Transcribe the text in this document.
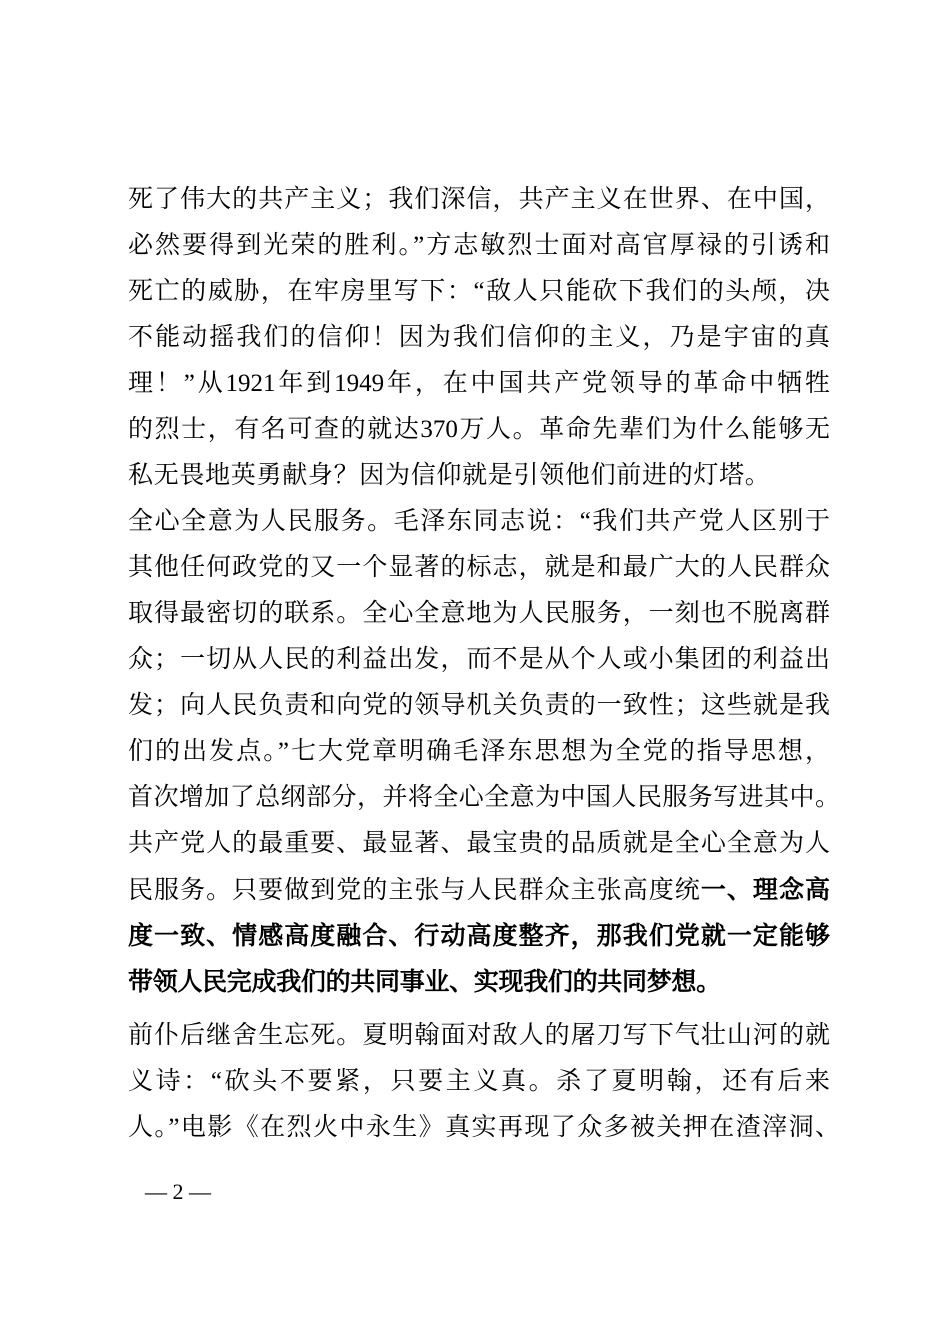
死了伟大的共产主义；我们深信，共产主义在世界、在中国，
必然要得到光荣的胜利。”方志敏烈士面对高官厚禄的引诱和
死亡的威胁，在牢房里写下：“敌人只能砍下我们的头颅，决
不能动摇我们的信仰！因为我们信仰的主义，乃是宇宙的真
理！”从1921年到1949年，在中国共产党领导的革命中牺牲
的烈士，有名可查的就达370万人。革命先辈们为什么能够无
私无畏地英勇献身？因为信仰就是引领他们前进的灯塔。
全心全意为人民服务。毛泽东同志说：“我们共产党人区别于
其他任何政党的又一个显著的标志，就是和最广大的人民群众
取得最密切的联系。全心全意地为人民服务，一刻也不脱离群
众；一切从人民的利益出发，而不是从个人或小集团的利益出
发；向人民负责和向党的领导机关负责的一致性；这些就是我
们的出发点。”七大党章明确毛泽东思想为全党的指导思想，
首次增加了总纲部分，并将全心全意为中国人民服务写进其中。
共产党人的最重要、最显著、最宝贵的品质就是全心全意为人
民服务。只要做到党的主张与人民群众主张高度统一、理念高
度一致、情感高度融合、行动高度整齐，那我们党就一定能够
带领人民完成我们的共同事业、实现我们的共同梦想。
前仆后继舍生忘死。夏明翰面对敌人的屠刀写下气壮山河的就
义诗：“砍头不要紧，只要主义真。杀了夏明翰，还有后来
人。”电影《在烈火中永生》真实再现了众多被关押在渣滓洞、
— 2 —
